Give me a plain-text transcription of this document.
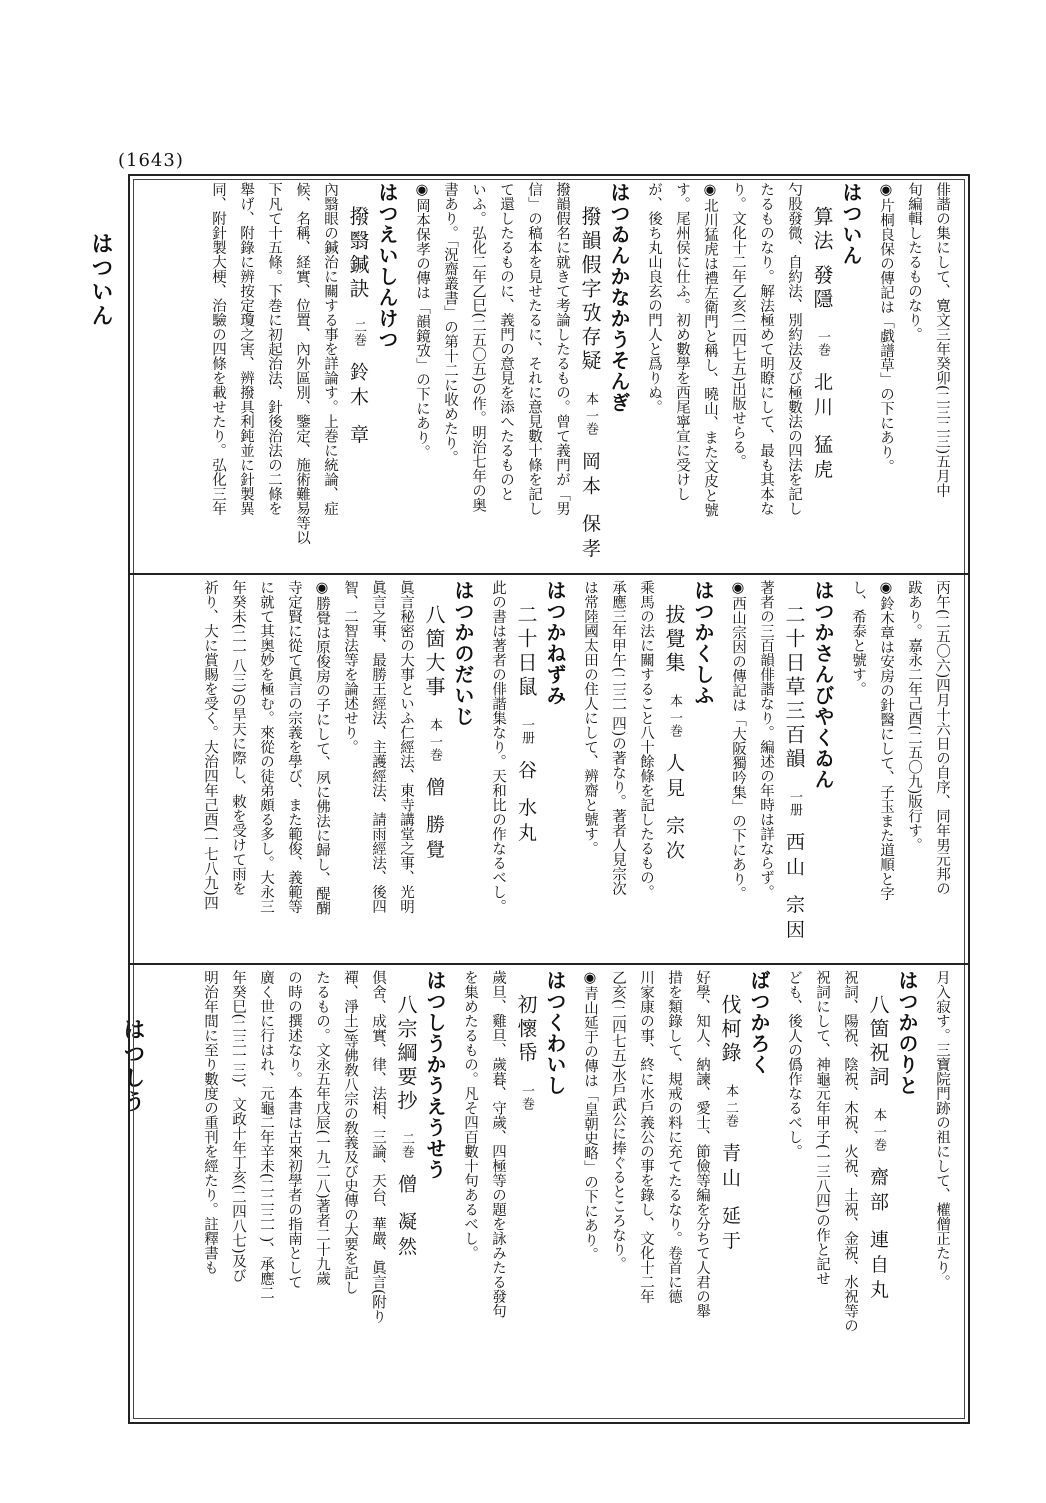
(1643)
はついん
はつしう

俳諧の集にして、寛文三年癸卯(二三二三)五月中

旬編輯したるものなり。

◉片桐良保の傳記は「戯譜草」の下にあり。

はついん
算法 發隱一巻北川 猛虎

勺股發微、自約法、別約法及び極數法の四法を記し

たるものなり。解法極めて明瞭にして、最も其本な

り。文化十二年乙亥(二四七五)出版せらる。

◉北川猛虎は禮左衛門と稱し、曉山、また文皮と號

す。尾州侯に仕ふ。初め數學を西尾寧宣に受けし

が、後ち丸山良玄の門人と爲りぬ。

はつゐんかなかうそんぎ
撥韻假字攷存疑本 一巻岡本 保孝

撥韻假名に就きて考論したるもの。曾て義門が「男

信」の稿本を見せたるに、それに意見數十條を記し

て還したるものに、義門の意見を添へたるものと

いふ。弘化二年乙巳(二五〇五)の作。明治七年の奥

書あり。「況齋叢書」の第十二に收めたり。

◉岡本保孝の傳は「韻鏡攷」の下にあり。

はつえいしんけつ
撥翳鍼訣二巻鈴木 章

內翳眼の鍼治に關する事を詳論す。上巻に統論、症

候、名稱、経實、位置、內外區別、鑒定、施術難易等以

下凡て十五條。下巻に初起治法、針後治法の二條を

舉げ、附錄に辨按定瓊之害、辨撥具利鈍並に針製異

同、附針製大梗、治驗の四條を載せたり。弘化三年

丙午(二五〇六)四月十六日の自序、同年男元邦の

跋あり。嘉永二年己酉(二五〇九)版行す。

◉鈴木章は安房の針醫にして、子玉また道順と字

し、希泰と號す。

はつかさんびやくゐん
二十日草三百韻一册西山 宗因

著者の三百韻俳諧なり。編述の年時は詳ならず。

◉西山宗因の傳記は「大阪獨吟集」の下にあり。

はつかくしふ
拔覺集本 一巻人見 宗次

乘馬の法に關すること八十餘條を記したるもの。

承應三年甲午(二三一四)の著なり。著者人見宗次

は常陸國太田の住人にして、辨齋と號す。

はつかねずみ
二十日鼠一册谷 水丸

此の書は著者の俳諧集なり。天和比の作なるべし。

はつかのだいじ
八箇大事本 一巻僧 勝覺

眞言秘密の大事といふ仁經法、東寺講堂之事、光明

眞言之事、最勝王經法、主護經法、請雨經法、後四

智、二智法等を論述せり。

◉勝覺は原俊房の子にして、夙に佛法に歸し、醍醐

寺定賢に從て眞言の宗義を學び、また範俊、義範等

に就て其奥妙を極む。來從の徒弟頗る多し。大永三

年癸未(二一八三)の旱天に際し、敕を受けて雨を

祈り、大に賞賜を受く。大治四年己酉(一七八九)四

月入寂す。三寶院門跡の祖にして、權僧正たり。

はつかのりと
八箇祝詞本 一巻齋部 連自丸

祝詞、陽祝、陰祝、木祝、火祝、土祝、金祝、水祝等の

祝詞にして、神龜元年甲子(一三八四)の作と記せ

ども、後人の僞作なるべし。

ばつかろく
伐柯錄本 二巻青山 延于

好學、知人、納諫、愛士、節儉等編を分ちて人君の舉

措を類錄して、規戒の料に充てたるなり。卷首に德

川家康の事、終に水戶義公の事を錄し、文化十二年

乙亥(二四七五)水戶武公に捧ぐるところなり。

◉青山延于の傳は「皇朝史略」の下にあり。

はつくわいし
初懷帋一巻

歲旦、雞旦、歲暮、守歲、四極等の題を詠みたる發句

を集めたるもの。凡そ四百數十句あるべし。

はつしうかうえうせう
八宗綱要抄二巻僧 凝然

俱舍、成實、律、法相、三論、天台、華嚴、眞言(附り

禪、淨土)等佛敎八宗の敎義及び史傳の大要を記し

たるもの。文永五年戊辰(一九二八)著者二十九歲

の時の撰述なり。本書は古來初學者の指南として

廣く世に行はれ、元龜二年辛未(二二三一)、承應二

年癸巳(二三一三)、文政十年丁亥(二四八七)及び

明治年間に至り數度の重刊を經たり。註釋書も
